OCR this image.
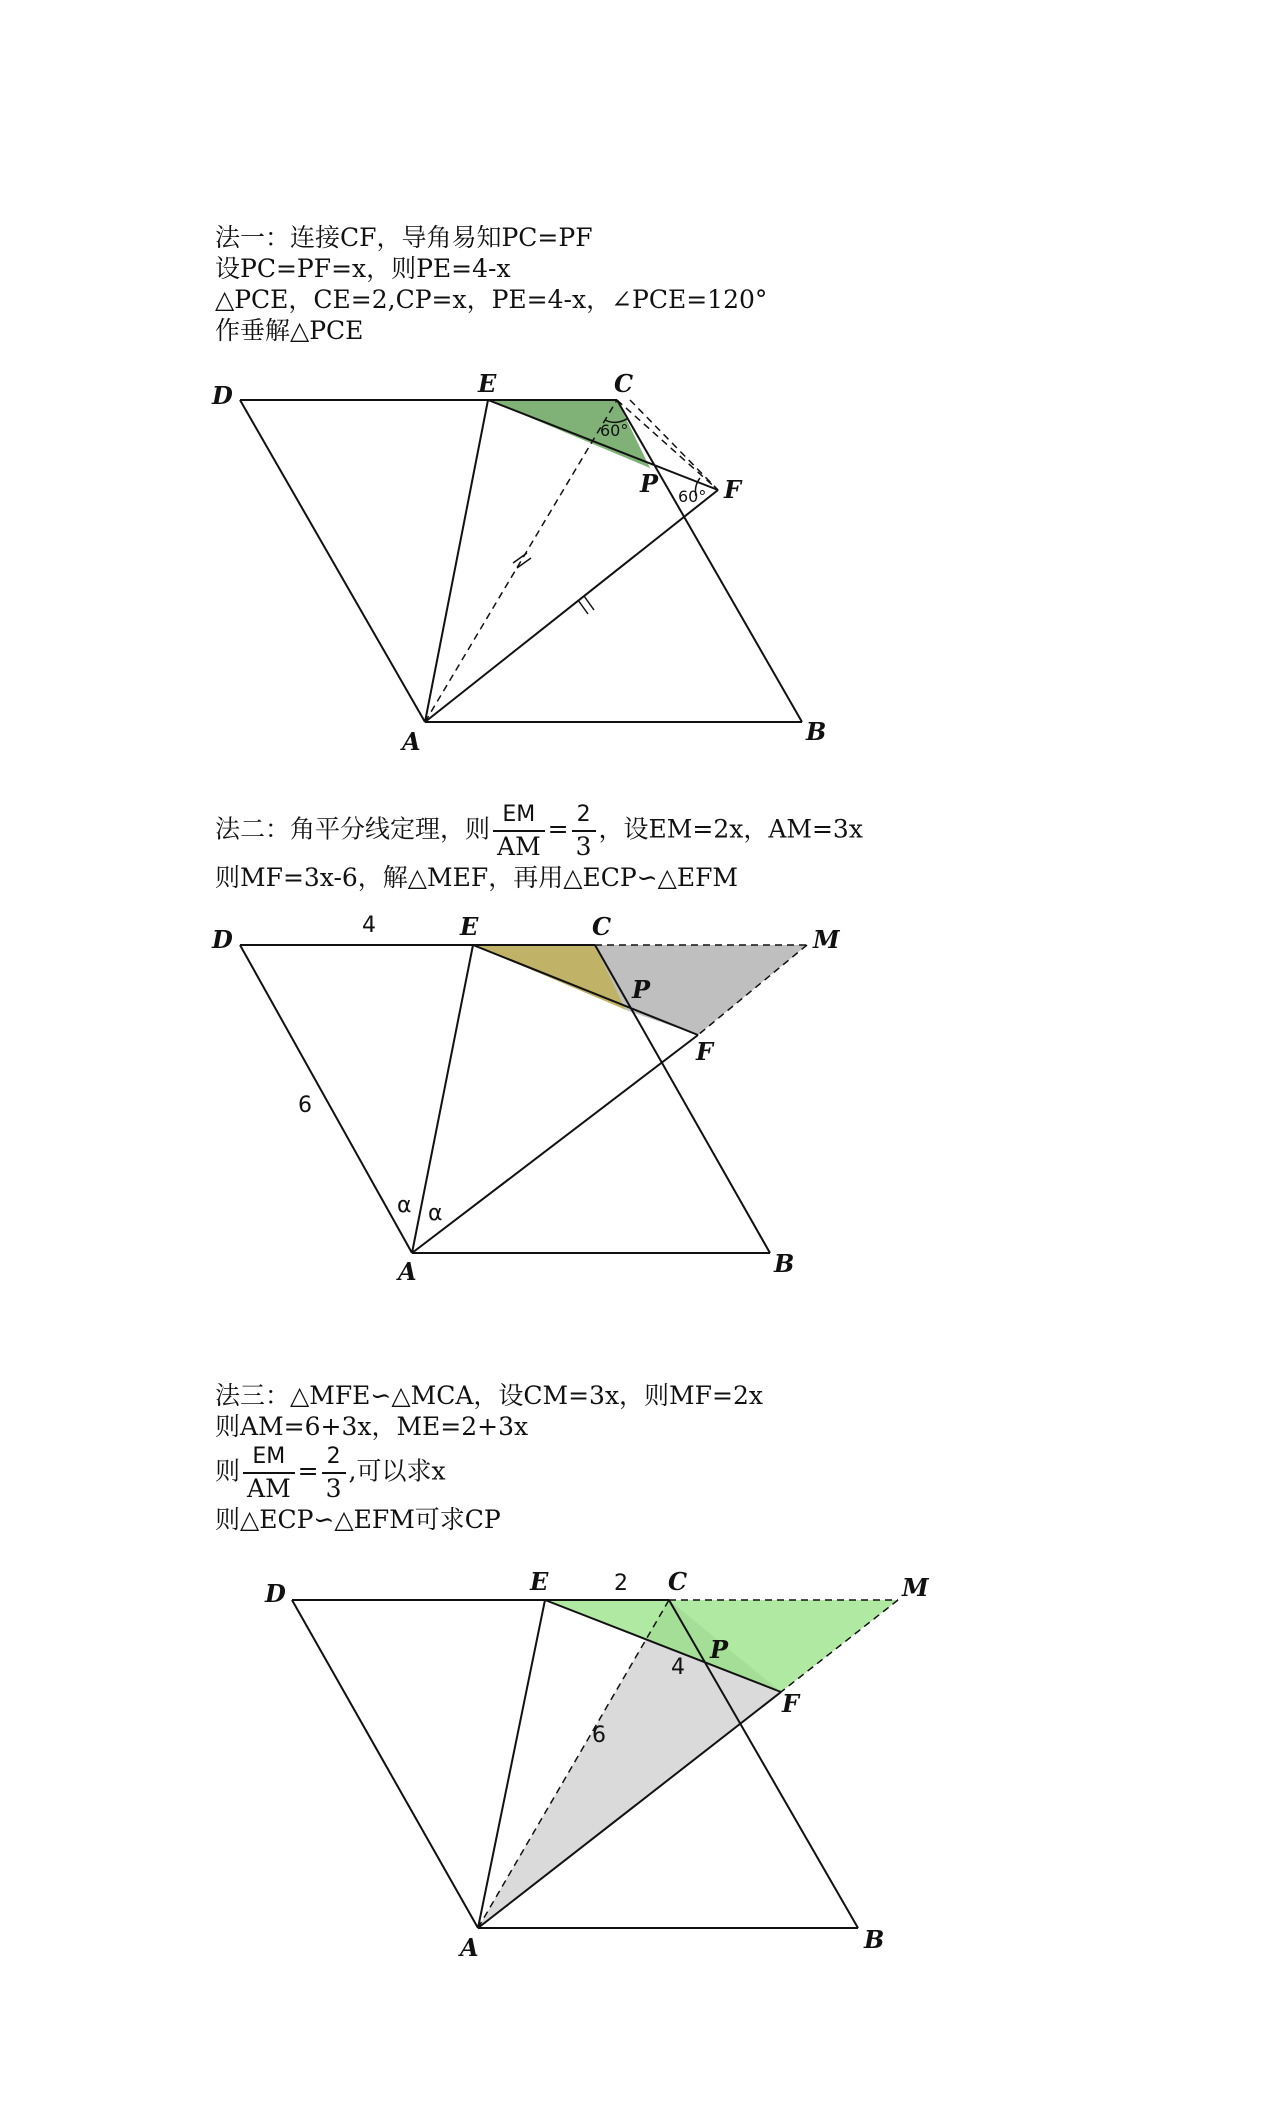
法一：连接CF，导角易知PC=PF
设PC=PF=x，则PE=4-x
△PCE，CE=2,CP=x，PE=4-x，∠PCE=120°
作垂解△PCE
60°
60°
D	E	C
P	F
A	B
法二：角平分线定理，则 $\frac{EM}{AM} = \frac{2}{3}$ ，设EM=2x，AM=3x
则MF=3x-6，解△MEF，再用△ECP∽△EFM
4
6
α α
D	E	C	M
P
F
A	B
法三：△MFE∽△MCA，设CM=3x，则MF=2x
则AM=6+3x，ME=2+3x
则 $\frac{EM}{AM} = \frac{2}{3}$ ,可以求x
则△ECP∽△EFM可求CP
2
4
6
D	E	C	M
P
F
A	B
